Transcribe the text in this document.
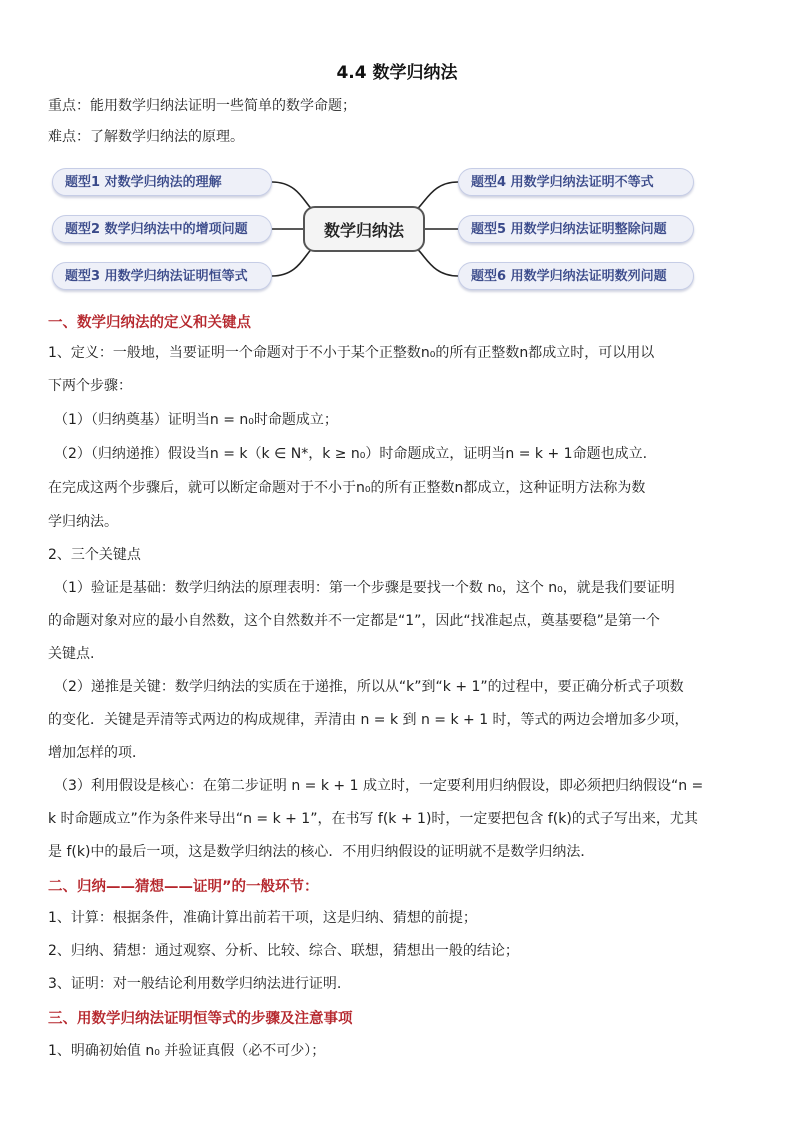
4.4 数学归纳法
重点：能用数学归纳法证明一些简单的数学命题；
难点：了解数学归纳法的原理。
题型1 对数学归纳法的理解
题型2 数学归纳法中的增项问题
题型3 用数学归纳法证明恒等式
数学归纳法
题型4 用数学归纳法证明不等式
题型5 用数学归纳法证明整除问题
题型6 用数学归纳法证明数列问题
一、数学归纳法的定义和关键点
1、定义：一般地，当要证明一个命题对于不小于某个正整数n₀的所有正整数n都成立时，可以用以
下两个步骤：
（1）（归纳奠基）证明当n = n₀时命题成立；
（2）（归纳递推）假设当n = k（k ∈ N*，k ≥ n₀）时命题成立，证明当n = k + 1命题也成立.
在完成这两个步骤后，就可以断定命题对于不小于n₀的所有正整数n都成立，这种证明方法称为数
学归纳法。
2、三个关键点
（1）验证是基础：数学归纳法的原理表明：第一个步骤是要找一个数 n₀，这个 n₀，就是我们要证明
的命题对象对应的最小自然数，这个自然数并不一定都是“1”，因此“找准起点，奠基要稳”是第一个
关键点.
（2）递推是关键：数学归纳法的实质在于递推，所以从“k”到“k + 1”的过程中，要正确分析式子项数
的变化．关键是弄清等式两边的构成规律，弄清由 n = k 到 n = k + 1 时，等式的两边会增加多少项，
增加怎样的项．
（3）利用假设是核心：在第二步证明 n = k + 1 成立时，一定要利用归纳假设，即必须把归纳假设“n =
k 时命题成立”作为条件来导出“n = k + 1”，在书写 f(k + 1)时，一定要把包含 f(k)的式子写出来，尤其
是 f(k)中的最后一项，这是数学归纳法的核心．不用归纳假设的证明就不是数学归纳法．
二、归纳——猜想——证明”的一般环节：
1、计算：根据条件，准确计算出前若干项，这是归纳、猜想的前提；
2、归纳、猜想：通过观察、分析、比较、综合、联想，猜想出一般的结论；
3、证明：对一般结论利用数学归纳法进行证明.
三、用数学归纳法证明恒等式的步骤及注意事项
1、明确初始值 n₀ 并验证真假（必不可少）；
